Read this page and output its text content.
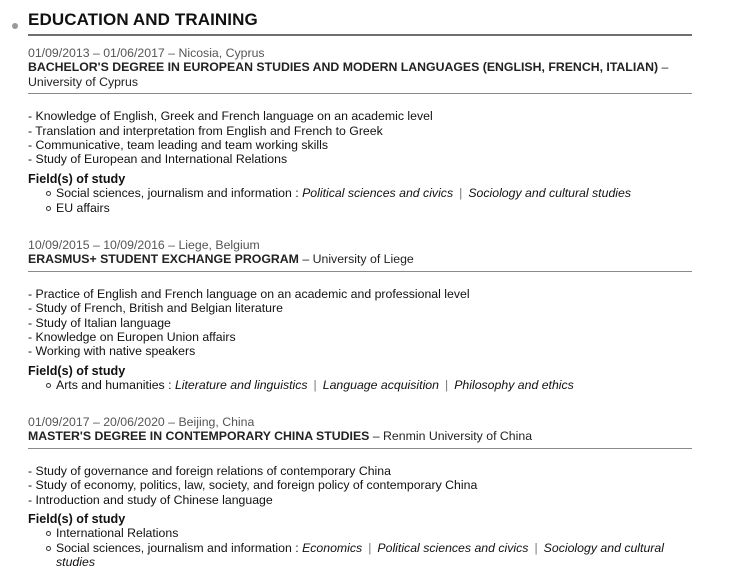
EDUCATION AND TRAINING
01/09/2013 – 01/06/2017 – Nicosia, Cyprus
BACHELOR'S DEGREE IN EUROPEAN STUDIES AND MODERN LANGUAGES (ENGLISH, FRENCH, ITALIAN) – University of Cyprus
- Knowledge of English, Greek and French language on an academic level
- Translation and interpretation from English and French to Greek
- Communicative, team leading and team working skills
- Study of European and International Relations
Field(s) of study
Social sciences, journalism and information : Political sciences and civics | Sociology and cultural studies
EU affairs
10/09/2015 – 10/09/2016 – Liege, Belgium
ERASMUS+ STUDENT EXCHANGE PROGRAM – University of Liege
- Practice of English and French language on an academic and professional level
- Study of French, British and Belgian literature
- Study of Italian language
- Knowledge on Europen Union affairs
- Working with native speakers
Field(s) of study
Arts and humanities : Literature and linguistics | Language acquisition | Philosophy and ethics
01/09/2017 – 20/06/2020 – Beijing, China
MASTER'S DEGREE IN CONTEMPORARY CHINA STUDIES – Renmin University of China
- Study of governance and foreign relations of contemporary China
- Study of economy, politics, law, society, and foreign policy of contemporary China
- Introduction and study of Chinese language
Field(s) of study
International Relations
Social sciences, journalism and information : Economics | Political sciences and civics | Sociology and cultural studies
